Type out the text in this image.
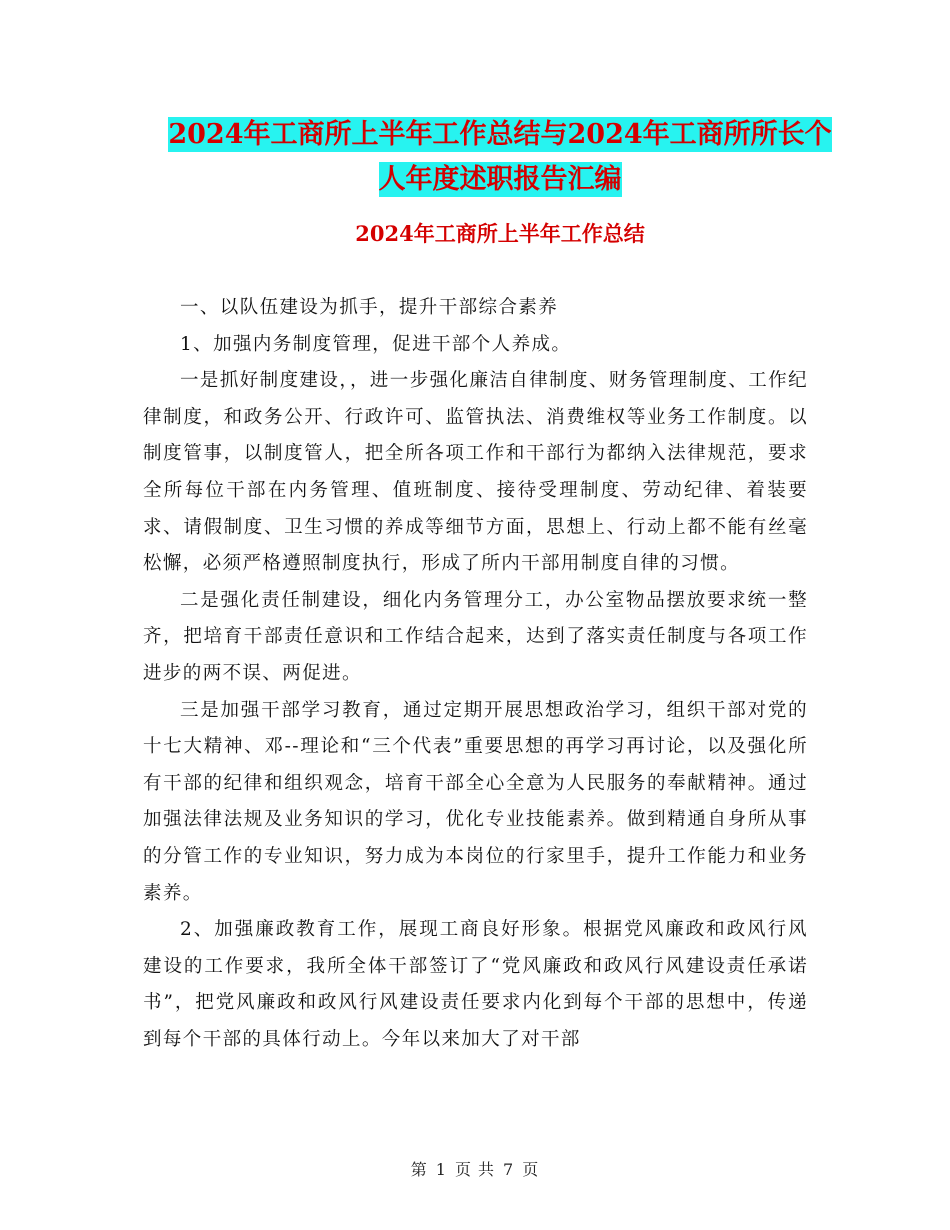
2024年工商所上半年工作总结与2024年工商所所长个
人年度述职报告汇编
2024年工商所上半年工作总结

一、以队伍建设为抓手，提升干部综合素养

1、加强内务制度管理，促进干部个人养成。

一是抓好制度建设，，进一步强化廉洁自律制度、财务管理制度、工作纪律制度，和政务公开、行政许可、监管执法、消费维权等业务工作制度。以制度管事，以制度管人，把全所各项工作和干部行为都纳入法律规范，要求全所每位干部在内务管理、值班制度、接待受理制度、劳动纪律、着装要求、请假制度、卫生习惯的养成等细节方面，思想上、行动上都不能有丝毫松懈，必须严格遵照制度执行，形成了所内干部用制度自律的习惯。

二是强化责任制建设，细化内务管理分工，办公室物品摆放要求统一整齐，把培育干部责任意识和工作结合起来，达到了落实责任制度与各项工作进步的两不误、两促进。

三是加强干部学习教育，通过定期开展思想政治学习，组织干部对党的十七大精神、邓--理论和“三个代表”重要思想的再学习再讨论，以及强化所有干部的纪律和组织观念，培育干部全心全意为人民服务的奉献精神。通过加强法律法规及业务知识的学习，优化专业技能素养。做到精通自身所从事的分管工作的专业知识，努力成为本岗位的行家里手，提升工作能力和业务素养。

2、加强廉政教育工作，展现工商良好形象。根据党风廉政和政风行风建设的工作要求，我所全体干部签订了“党风廉政和政风行风建设责任承诺书”，把党风廉政和政风行风建设责任要求内化到每个干部的思想中，传递到每个干部的具体行动上。今年以来加大了对干部

第 1 页 共 7 页
